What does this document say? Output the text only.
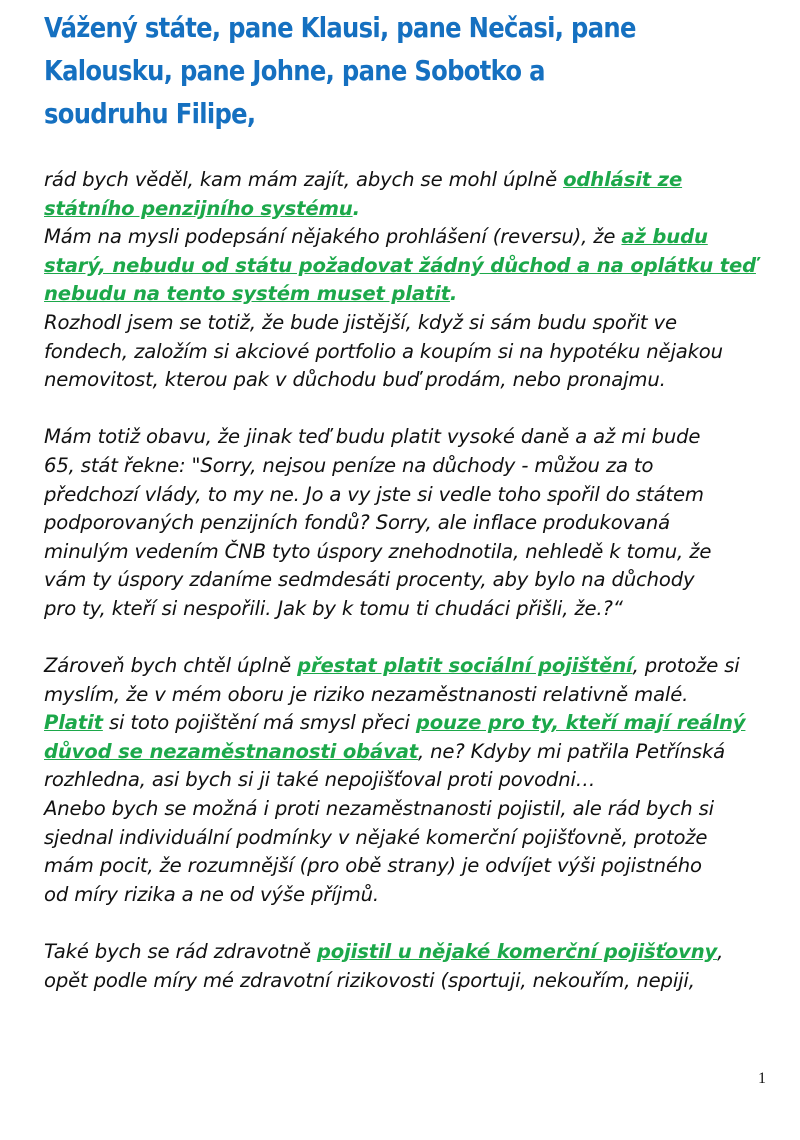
Vážený státe, pane Klausi, pane Nečasi, pane
Kalousku, pane Johne, pane Sobotko a
soudruhu Filipe,

rád bych věděl, kam mám zajít, abych se mohl úplně odhlásit ze
státního penzijního systému.
Mám na mysli podepsání nějakého prohlášení (reversu), že až budu
starý, nebudu od státu požadovat žádný důchod a na oplátku teď
nebudu na tento systém muset platit.
Rozhodl jsem se totiž, že bude jistější, když si sám budu spořit ve
fondech, založím si akciové portfolio a koupím si na hypotéku nějakou
nemovitost, kterou pak v důchodu buď prodám, nebo pronajmu.

Mám totiž obavu, že jinak teď budu platit vysoké daně a až mi bude
65, stát řekne: "Sorry, nejsou peníze na důchody - můžou za to
předchozí vlády, to my ne. Jo a vy jste si vedle toho spořil do státem
podporovaných penzijních fondů? Sorry, ale inflace produkovaná
minulým vedením ČNB tyto úspory znehodnotila, nehledě k tomu, že
vám ty úspory zdaníme sedmdesáti procenty, aby bylo na důchody
pro ty, kteří si nespořili. Jak by k tomu ti chudáci přišli, že.?“

Zároveň bych chtěl úplně přestat platit sociální pojištění, protože si
myslím, že v mém oboru je riziko nezaměstnanosti relativně malé.
Platit si toto pojištění má smysl přeci pouze pro ty, kteří mají reálný
důvod se nezaměstnanosti obávat, ne? Kdyby mi patřila Petřínská
rozhledna, asi bych si ji také nepojišťoval proti povodni…
Anebo bych se možná i proti nezaměstnanosti pojistil, ale rád bych si
sjednal individuální podmínky v nějaké komerční pojišťovně, protože
mám pocit, že rozumnější (pro obě strany) je odvíjet výši pojistného
od míry rizika a ne od výše příjmů.

Také bych se rád zdravotně pojistil u nějaké komerční pojišťovny,
opět podle míry mé zdravotní rizikovosti (sportuji, nekouřím, nepiji,

1
